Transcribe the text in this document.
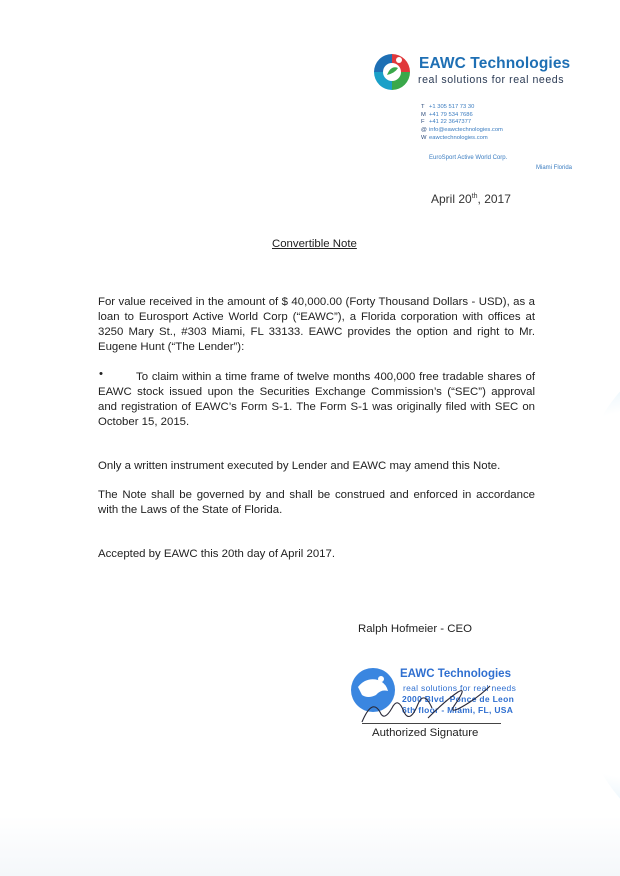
EAWC Technologies
real solutions for real needs
T +1 305 517 73 30
M +41 79 534 7686
F +41 22 3647377
@ info@eawctechnologies.com
W eawctechnologies.com
EuroSport Active World Corp.
Miami Florida
April 20th, 2017
Convertible Note
For value received in the amount of $ 40,000.00 (Forty Thousand Dollars - USD), as a loan to Eurosport Active World Corp (“EAWC”), a Florida corporation with offices at 3250 Mary St., #303 Miami, FL 33133. EAWC provides the option and right to Mr. Eugene Hunt (“The Lender”):
•	To claim within a time frame of twelve months 400,000 free tradable shares of EAWC stock issued upon the Securities Exchange Commission’s (“SEC”) approval and registration of EAWC’s Form S-1. The Form S-1 was originally filed with SEC on October 15, 2015.
Only a written instrument executed by Lender and EAWC may amend this Note.
The Note shall be governed by and shall be construed and enforced in accordance with the Laws of the State of Florida.
Accepted by EAWC this 20th day of April 2017.
Ralph Hofmeier - CEO
EAWC Technologies
real solutions for real needs
2000 Blvd. Ponce de Leon
6th floor - Miami, FL, USA
Authorized Signature
